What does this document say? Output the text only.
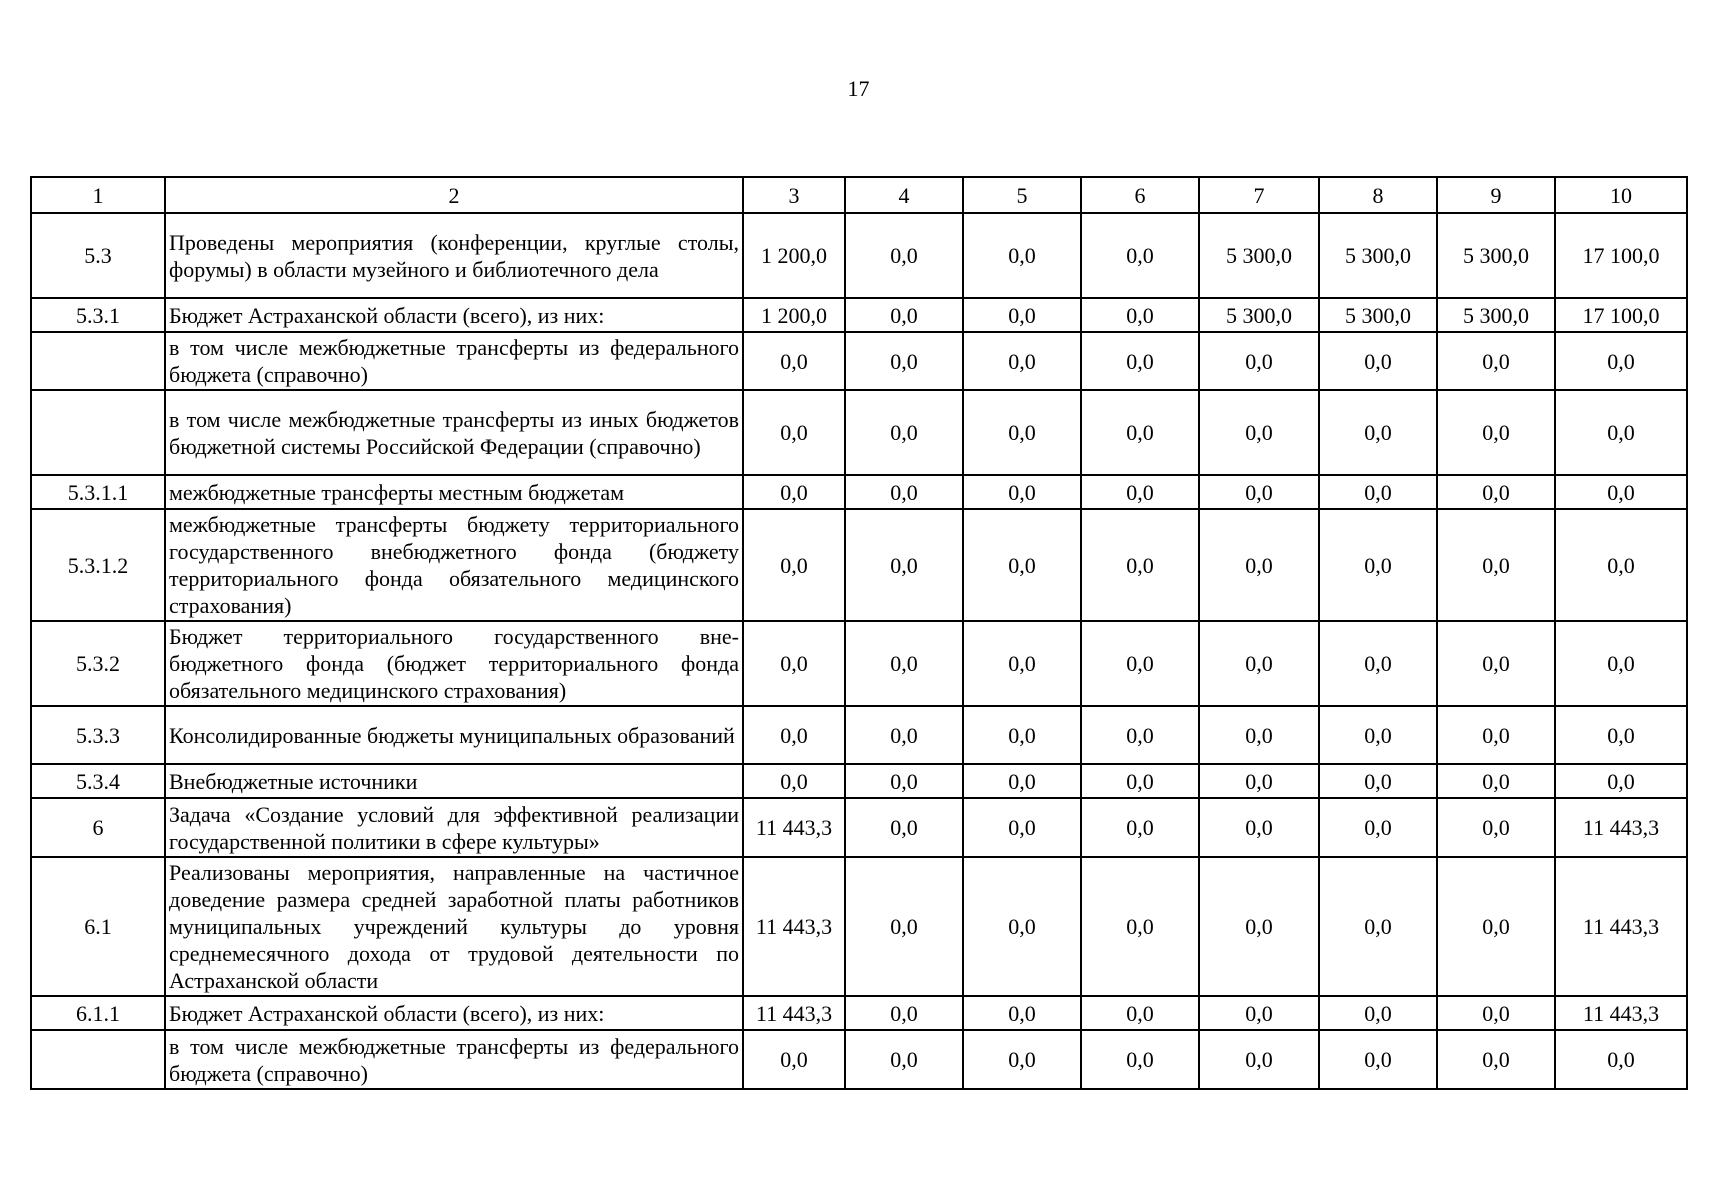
17
1	2	3	4	5	6	7	8	9	10
5.3	Проведены мероприятия (конференции, круглые столы, форумы) в области музейного и библиотечного дела	1 200,0	0,0	0,0	0,0	5 300,0	5 300,0	5 300,0	17 100,0
5.3.1	Бюджет Астраханской области (всего), из них:	1 200,0	0,0	0,0	0,0	5 300,0	5 300,0	5 300,0	17 100,0
	в том числе межбюджетные трансферты из федерального бюджета (справочно)	0,0	0,0	0,0	0,0	0,0	0,0	0,0	0,0
	в том числе межбюджетные трансферты из иных бюджетов бюджетной системы Российской Федерации (справочно)	0,0	0,0	0,0	0,0	0,0	0,0	0,0	0,0
5.3.1.1	межбюджетные трансферты местным бюджетам	0,0	0,0	0,0	0,0	0,0	0,0	0,0	0,0
5.3.1.2	межбюджетные трансферты бюджету территориального государственного внебюджетного фонда (бюджету территориального фонда обязательного медицинского страхования)	0,0	0,0	0,0	0,0	0,0	0,0	0,0	0,0
5.3.2	Бюджет территориального государственного внебюджетного фонда (бюджет территориального фонда обязательного медицинского страхования)	0,0	0,0	0,0	0,0	0,0	0,0	0,0	0,0
5.3.3	Консолидированные бюджеты муниципальных образований	0,0	0,0	0,0	0,0	0,0	0,0	0,0	0,0
5.3.4	Внебюджетные источники	0,0	0,0	0,0	0,0	0,0	0,0	0,0	0,0
6	Задача «Создание условий для эффективной реализации государственной политики в сфере культуры»	11 443,3	0,0	0,0	0,0	0,0	0,0	0,0	11 443,3
6.1	Реализованы мероприятия, направленные на частичное доведение размера средней заработной платы работников муниципальных учреждений культуры до уровня среднемесячного дохода от трудовой деятельности по Астраханской области	11 443,3	0,0	0,0	0,0	0,0	0,0	0,0	11 443,3
6.1.1	Бюджет Астраханской области (всего), из них:	11 443,3	0,0	0,0	0,0	0,0	0,0	0,0	11 443,3
	в том числе межбюджетные трансферты из федерального бюджета (справочно)	0,0	0,0	0,0	0,0	0,0	0,0	0,0	0,0
